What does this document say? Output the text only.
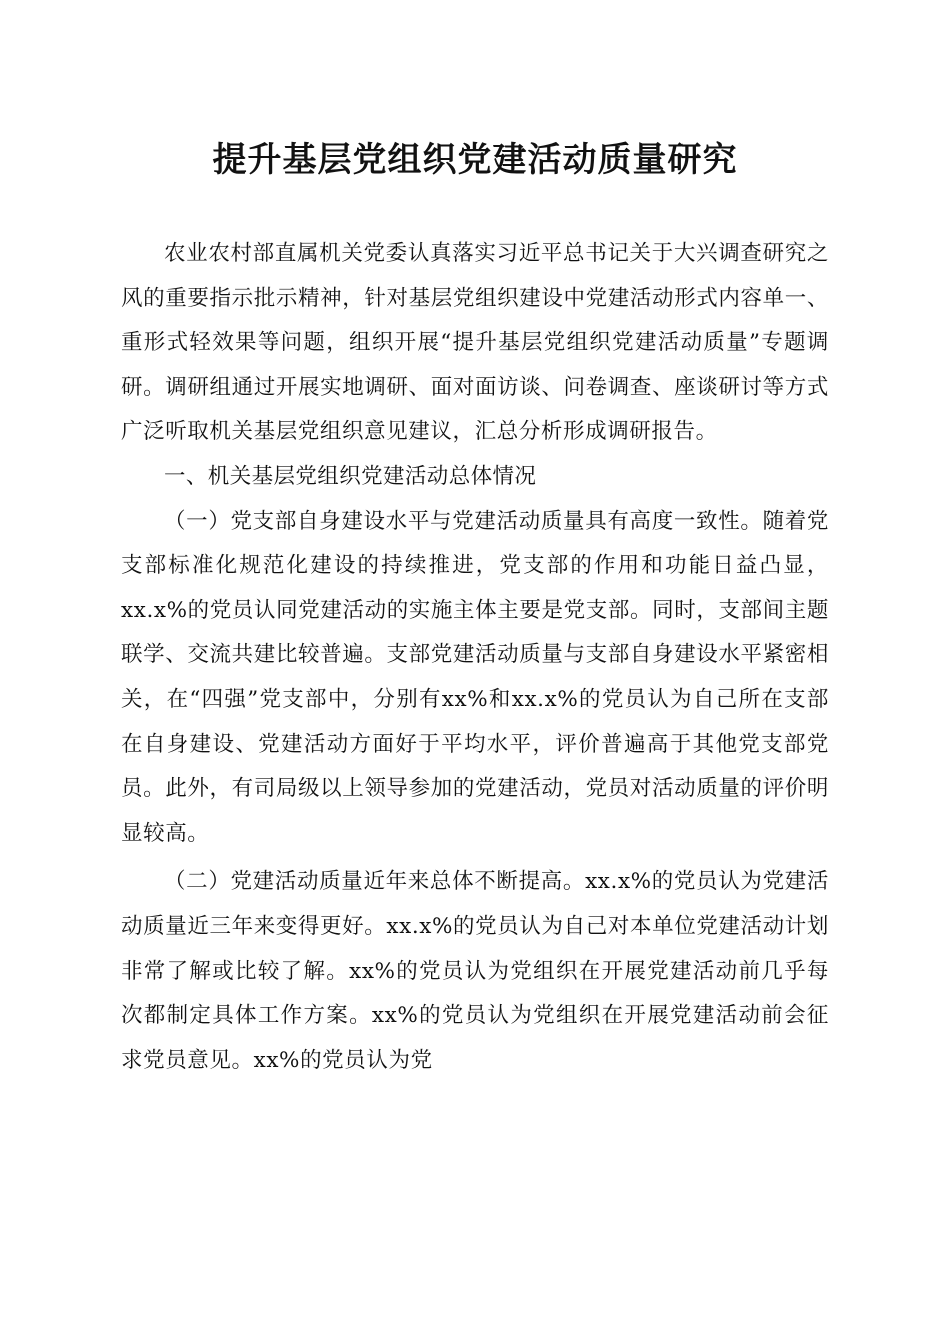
提升基层党组织党建活动质量研究

农业农村部直属机关党委认真落实习近平总书记关于大兴调查研究之风的重要指示批示精神，针对基层党组织建设中党建活动形式内容单一、重形式轻效果等问题，组织开展“提升基层党组织党建活动质量”专题调研。调研组通过开展实地调研、面对面访谈、问卷调查、座谈研讨等方式广泛听取机关基层党组织意见建议，汇总分析形成调研报告。

一、机关基层党组织党建活动总体情况

（一）党支部自身建设水平与党建活动质量具有高度一致性。随着党支部标准化规范化建设的持续推进，党支部的作用和功能日益凸显，xx.x%的党员认同党建活动的实施主体主要是党支部。同时，支部间主题联学、交流共建比较普遍。支部党建活动质量与支部自身建设水平紧密相关，在“四强”党支部中，分别有xx%和xx.x%的党员认为自己所在支部在自身建设、党建活动方面好于平均水平，评价普遍高于其他党支部党员。此外，有司局级以上领导参加的党建活动，党员对活动质量的评价明显较高。

（二）党建活动质量近年来总体不断提高。xx.x%的党员认为党建活动质量近三年来变得更好。xx.x%的党员认为自己对本单位党建活动计划非常了解或比较了解。xx%的党员认为党组织在开展党建活动前几乎每次都制定具体工作方案。xx%的党员认为党组织在开展党建活动前会征求党员意见。xx%的党员认为党
